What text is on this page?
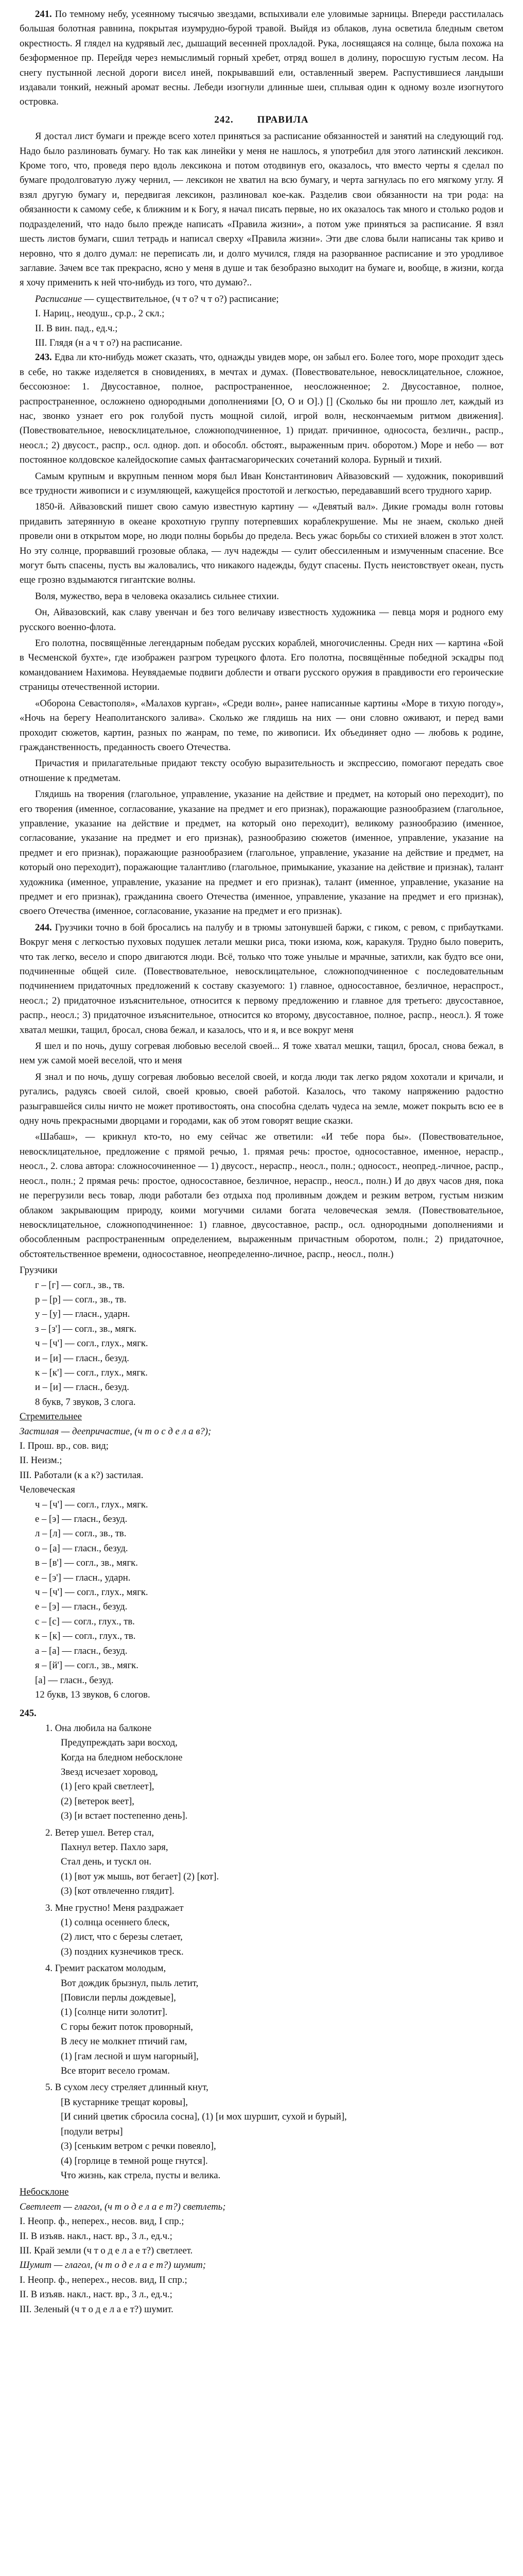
241. По темному небу, усеянному тысячью звездами, вспыхивали еле уловимые зарницы. Впереди расстилалась большая болотная равнина, покрытая изумрудно-бурой травой. Выйдя из облаков, луна осветила бледным светом окрестность. Я глядел на кудрявый лес, дышащий весенней прохладой. Рука, лоснящаяся на солнце, была похожа на безформенное пр. Перейдя через немыслимый горный хребет, отряд вошел в долину, поросшую густым лесом. На снегу пустынной лесной дороги висел иней, покрывавший ели, оставленный зверем. Распустившиеся ландыши издавали тонкий, нежный аромат весны. Лебеди изогнули длинные шеи, сплывая один к одному возле изогнутого островка.

242. ПРАВИЛА

Я достал лист бумаги и прежде всего хотел приняться за расписание обязанностей и занятий на следующий год. Надо было разлиновать бумагу. Но так как линейки у меня не нашлось, я употребил для этого латинский лексикон. Кроме того, что, проведя перо вдоль лексикона и потом отодвинув его, оказалось, что вместо черты я сделал по бумаге продолговатую лужу чернил, — лексикон не хватил на всю бумагу, и черта загнулась по его мягкому углу. Я взял другую бумагу и, передвигая лексикон, разлиновал кое-как. Разделив свои обязанности на три рода: на обязанности к самому себе, к ближним и к Богу, я начал писать первые, но их оказалось так много и столько родов и подразделений, что надо было прежде написать «Правила жизни», а потом уже приняться за расписание. Я взял шесть листов бумаги, сшил тетрадь и написал сверху «Правила жизни». Эти две слова были написаны так криво и неровно, что я долго думал: не переписать ли, и долго мучился, глядя на разорванное расписание и это уродливое заглавие. Зачем все так прекрасно, ясно у меня в душе и так безобразно выходит на бумаге и, вообще, в жизни, когда я хочу применить к ней что-нибудь из того, что думаю?..

Расписание — существительное, (ч т о? ч т о?) расписание;

I. Нариц., неодуш., ср.р., 2 скл.;

II. В вин. пад., ед.ч.;

III. Глядя (н а ч т о?) на расписание.

243. Едва ли кто-нибудь может сказать, что, однажды увидев море, он забыл его. Более того, море проходит здесь в себе, но также изделяется в сновидениях, в мечтах и думах. (Повествовательное, невосклицательное, сложное, бессоюзное: 1. Двусоставное, полное, распространенное, неосложненное; 2. Двусоставное, полное, распространенное, осложнено однородными дополнениями [О, О и О].) [] (Сколько бы ни прошло лет, каждый из нас, звонко узнает его рок голубой пусть мощной силой, игрой волн, нескончаемым ритмом движения]. (Повествовательное, невосклицательное, сложноподчиненное, 1) придат. причинное, однососта, безличн., распр., неосл.; 2) двусост., распр., осл. однор. доп. и обособл. обстоят., выраженным прич. оборотом.) Море и небо — вот постоянное колдовское калейдоскопие самых фантасмагорических сочетаний колора. Бурный и тихий.

Самым крупным и вкрупным пенном моря был Иван Константинович Айвазовский — художник, покоривший все трудности живописи и с изумляющей, кажущейся простотой и легкостью, передававший всего трудного харир.

1850-й. Айвазовский пишет свою самую известную картину — «Девятый вал». Дикие громады волн готовы придавить затерянную в океане крохотную группу потерпевших кораблекрушение. Мы не знаем, сколько дней провели они в открытом море, но люди полны борьбы до предела. Весь ужас борьбы со стихией вложен в этот холст. Но эту солнце, прорвавший грозовые облака, — луч надежды — сулит обессиленным и измученным спасение. Все могут быть спасены, пусть вы жаловались, что никакого надежды, будут спасены. Пусть неистовствует океан, пусть еще грозно вздымаются гигантские волны.

Воля, мужество, вера в человека оказались сильнее стихии.

Он, Айвазовский, как славу увенчан и без того величаву известность художника — певца моря и родного ему русского военно-флота.

Его полотна, посвящённые легендарным победам русских кораблей, многочисленны. Средн них — картина «Бой в Чесменской бухте», где изображен разгром турецкого флота. Его полотна, посвящённые победной эскадры под командованием Нахимова. Неувядаемые подвиги доблести и отваги русского оружия в правдивости его героические страницы отечественной истории.

«Оборона Севастополя», «Малахов курган», «Среди волн», ранее написанные картины «Море в тихую погоду», «Ночь на берегу Неаполитанского залива». Сколько же глядишь на них — они словно оживают, и перед вами проходит сюжетов, картин, разных по жанрам, по теме, по живописи. Их объединяет одно — любовь к родине, гражданственность, преданность своего Отечества.

Причастия и прилагательные придают тексту особую выразительность и экспрессию, помогают передать свое отношение к предметам.

Глядишь на творения (глагольное, управление, указание на действие и предмет, на который оно переходит), по его творения (именное, согласование, указание на предмет и его признак), поражающие разнообразием (глагольное, управление, указание на действие и предмет, на который оно переходит), великому разнообразию (именное, согласование, указание на предмет и его признак), разнообразию сюжетов (именное, управление, указание на предмет и его признак), поражающие разнообразием (глагольное, управление, указание на действие и предмет, на который оно переходит), поражающие талантливо (глагольное, примыкание, указание на действие и признак), талант художника (именное, управление, указание на предмет и его признак), талант (именное, управление, указание на предмет и его признак), гражданина своего Отечества (именное, управление, указание на предмет и его признак), своего Отечества (именное, согласование, указание на предмет и его признак).

244. Грузчики точно в бой бросались на палубу и в трюмы затонувшей баржи, с гиком, с ревом, с прибаутками. Вокруг меня с легкостью пуховых подушек летали мешки риса, тюки изюма, кож, каракуля. Трудно было поверить, что так легко, весело и споро двигаются люди. Всё, только что тоже унылые и мрачные, затихли, как будто все они, подчиненные общей силе. (Повествовательное, невосклицательное, сложноподчиненное с последовательным подчинением придаточных предложений к составу сказуемого: 1) главное, односоставное, безличное, нераспрост., неосл.; 2) придаточное изъяснительное, относится к первому предложению и главное для третьего: двусоставное, распр., неосл.; 3) придаточное изъяснительное, относится ко второму, двусоставное, полное, распр., неосл.). Я тоже хватал мешки, тащил, бросал, снова бежал, и казалось, что и я, и все вокруг меня

Я шел и по ночь, душу согревая любовью веселой своей... Я тоже хватал мешки, тащил, бросал, снова бежал, в нем уж самой моей веселой, что и меня

Я знал и по ночь, душу согревая любовью веселой своей, и когда люди так легко рядом хохотали и кричали, и ругались, радуясь своей силой, своей кровью, своей работой. Казалось, что такому напряжению радостно разыгравшейся силы ничто не может противостоять, она способна сделать чудеса на земле, может покрыть всю ее в одну ночь прекрасными дворцами и городами, как об этом говорят вещие сказки.

«Шабаш», — крикнул кто-то, но ему сейчас же ответили: «И тебе пора бы». (Повествовательное, невосклицательное, предложение с прямой речью, 1. прямая речь: простое, односоставное, именное, нераспр., неосл., 2. слова автора: сложносочиненное — 1) двусост., нераспр., неосл., полн.; односост., неопред.-личное, распр., неосл., полн.; 2 прямая речь: простое, односоставное, безличное, нераспр., неосл., полн.) И до двух часов дня, пока не перегрузили весь товар, люди работали без отдыха под проливным дождем и резким ветром, густым низким облаком закрывающим природу, коими могучими силами богата человеческая земля. (Повествовательное, невосклицательное, сложноподчиненное: 1) главное, двусоставное, распр., осл. однородными дополнениями и обособленным распространенным определением, выраженным причастным оборотом, полн.; 2) придаточное, обстоятельственное времени, односоставное, неопределенно-личное, распр., неосл., полн.)

Грузчики

г – [г] — согл., зв., тв.
р – [р] — согл., зв., тв.
у – [у] — гласн., ударн.
з – [з'] — согл., зв., мягк.
ч – [ч'] — согл., глух., мягк.
и – [и] — гласн., безуд.
к – [к'] — согл., глух., мягк.
и – [и] — гласн., безуд.
8 букв, 7 звуков, 3 слога.

Стремительнее

Застилая — деепричастие, (ч т о с д е л а в?);
I. Прош. вр., сов. вид;
II. Неизм.;
III. Работали (к а к?) застилая.

Человеческая

ч – [ч'] — согл., глух., мягк.
е – [э] — гласн., безуд.
л – [л] — согл., зв., тв.
о – [а] — гласн., безуд.
в – [в'] — согл., зв., мягк.
е – [э'] — гласн., ударн.
ч – [ч'] — согл., глух., мягк.
е – [э] — гласн., безуд.
с – [с] — согл., глух., тв.
к – [к] — согл., глух., тв.
а – [а] — гласн., безуд.
я – [й'] — согл., зв., мягк.
[а] — гласн., безуд.
12 букв, 13 звуков, 6 слогов.

245.

1. Она любила на балконе
Предупреждать зари восход,
Когда на бледном небосклоне
Звезд исчезает хоровод,
(1) [его край светлеет],
(2) [ветерок веет],
(3) [и встает постепенно день].
2. Ветер ушел. Ветер стал,
Пахнул ветер. Пахло заря,
Стал день, и тускл он.
(1) [вот уж мышь, вот бегает] (2) [кот].
(3) [кот отвлеченно глядит].
3. Мне грустно! Меня раздражает
(1) солнца осеннего блеск,
(2) лист, что с березы слетает,
(3) поздних кузнечиков треск.
4. Гремит раскатом молодым,
Вот дождик брызнул, пыль летит,
[Повисли перлы дождевые],
(1) [солнце нити золотит].
С горы бежит поток проворный,
В лесу не молкнет птичий гам,
(1) [гам лесной и шум нагорный],
Все вторит весело громам.
5. В сухом лесу стреляет длинный кнут,
[В кустарнике трещат коровы],
[И синий цветик сбросила сосна], (1) [и мох шуршит, сухой и бурый],
[подули ветры]
(3) [сеньким ветром с речки повеяло],
(4) [горлице в темной роще гнутся].
Что жизнь, как стрела, пусты и велика.

Небосклоне

Светлеет — глагол, (ч т о д е л а е т?) светлеть;
I. Неопр. ф., неперех., несов. вид, I спр.;
II. В изъяв. накл., наст. вр., 3 л., ед.ч.;
III. Край земли (ч т о д е л а е т?) светлеет.
Шумит — глагол, (ч т о д е л а е т?) шумит;
I. Неопр. ф., неперех., несов. вид, II спр.;
II. В изъяв. накл., наст. вр., 3 л., ед.ч.;
III. Зеленый (ч т о д е л а е т?) шумит.
